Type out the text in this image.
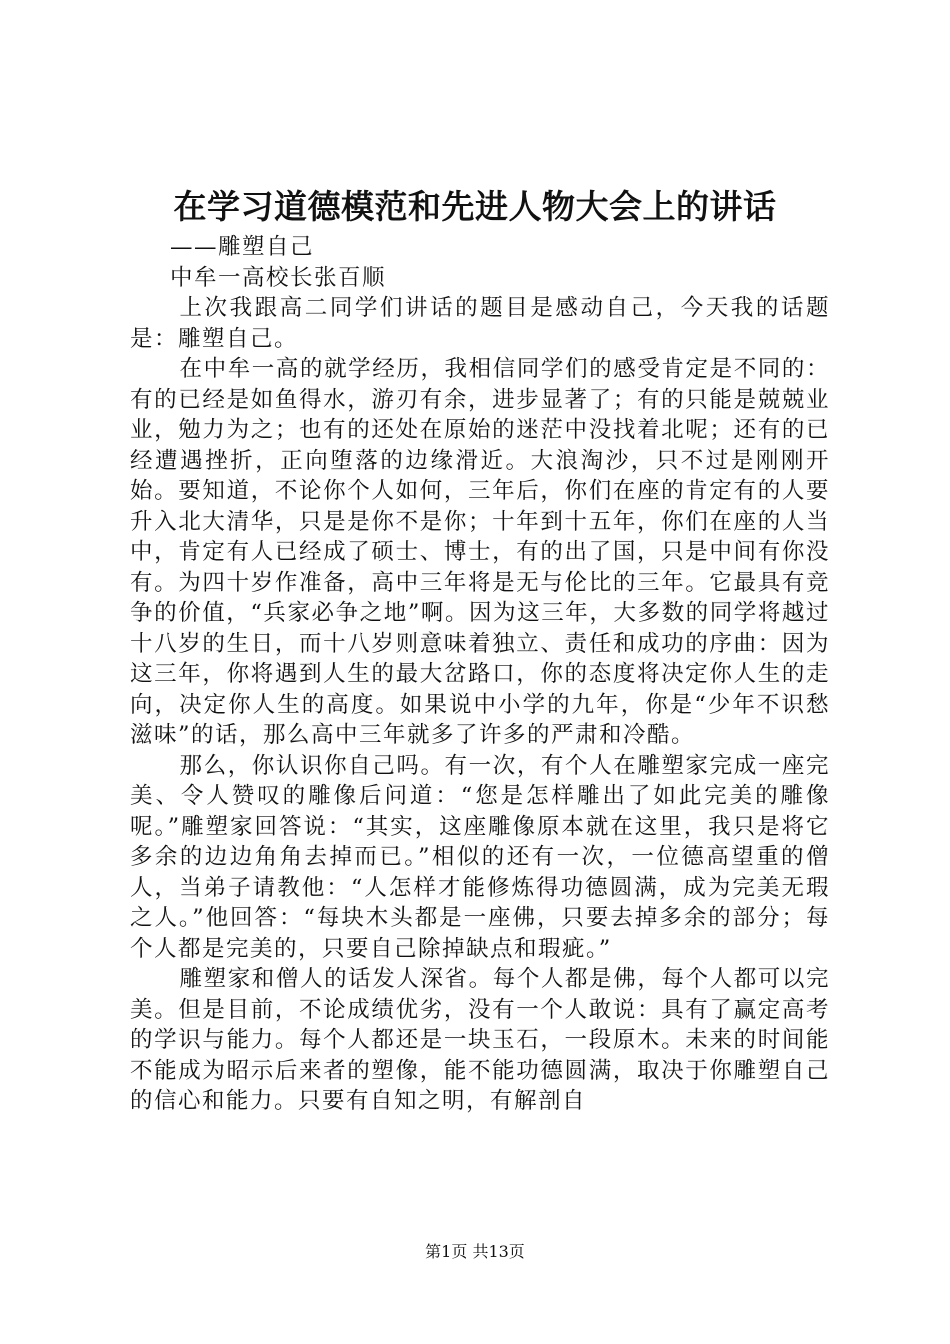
在学习道德模范和先进人物大会上的讲话

——雕塑自己

中牟一高校长张百顺

上次我跟高二同学们讲话的题目是感动自己，今天我的话题是：雕塑自己。

在中牟一高的就学经历，我相信同学们的感受肯定是不同的：有的已经是如鱼得水，游刃有余，进步显著了；有的只能是兢兢业业，勉力为之；也有的还处在原始的迷茫中没找着北呢；还有的已经遭遇挫折，正向堕落的边缘滑近。大浪淘沙，只不过是刚刚开始。要知道，不论你个人如何，三年后，你们在座的肯定有的人要升入北大清华，只是是你不是你；十年到十五年，你们在座的人当中，肯定有人已经成了硕士、博士，有的出了国，只是中间有你没有。为四十岁作准备，高中三年将是无与伦比的三年。它最具有竞争的价值，“兵家必争之地”啊。因为这三年，大多数的同学将越过十八岁的生日，而十八岁则意味着独立、责任和成功的序曲：因为这三年，你将遇到人生的最大岔路口，你的态度将决定你人生的走向，决定你人生的高度。如果说中小学的九年，你是“少年不识愁滋味”的话，那么高中三年就多了许多的严肃和冷酷。

那么，你认识你自己吗。有一次，有个人在雕塑家完成一座完美、令人赞叹的雕像后问道：“您是怎样雕出了如此完美的雕像呢。”雕塑家回答说：“其实，这座雕像原本就在这里，我只是将它多余的边边角角去掉而已。”相似的还有一次，一位德高望重的僧人，当弟子请教他：“人怎样才能修炼得功德圆满，成为完美无瑕之人。”他回答：“每块木头都是一座佛，只要去掉多余的部分；每个人都是完美的，只要自己除掉缺点和瑕疵。”

雕塑家和僧人的话发人深省。每个人都是佛，每个人都可以完美。但是目前，不论成绩优劣，没有一个人敢说：具有了赢定高考的学识与能力。每个人都还是一块玉石，一段原木。未来的时间能不能成为昭示后来者的塑像，能不能功德圆满，取决于你雕塑自己的信心和能力。只要有自知之明，有解剖自

第1页 共13页
